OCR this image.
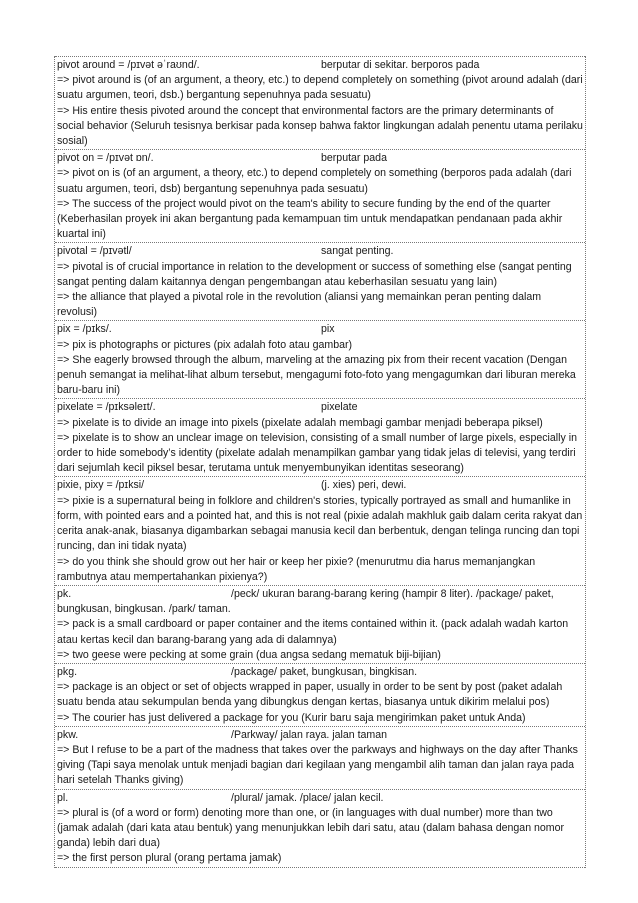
pivot around = /pɪvət əˈraʊnd/.	berputar di sekitar. berporos pada
=> pivot around is (of an argument, a theory, etc.) to depend completely on something (pivot around adalah (dari suatu argumen, teori, dsb.) bergantung sepenuhnya pada sesuatu)
=> His entire thesis pivoted around the concept that environmental factors are the primary determinants of social behavior (Seluruh tesisnya berkisar pada konsep bahwa faktor lingkungan adalah penentu utama perilaku sosial)
pivot on = /pɪvət ɒn/.	berputar pada
=> pivot on is (of an argument, a theory, etc.) to depend completely on something (berporos pada adalah (dari suatu argumen, teori, dsb) bergantung sepenuhnya pada sesuatu)
=> The success of the project would pivot on the team's ability to secure funding by the end of the quarter (Keberhasilan proyek ini akan bergantung pada kemampuan tim untuk mendapatkan pendanaan pada akhir kuartal ini)
pivotal = /pɪvətl/	sangat penting.
=> pivotal is of crucial importance in relation to the development or success of something else (sangat penting sangat penting dalam kaitannya dengan pengembangan atau keberhasilan sesuatu yang lain)
=> the alliance that played a pivotal role in the revolution (aliansi yang memainkan peran penting dalam revolusi)
pix = /pɪks/.	pix
=> pix is photographs or pictures (pix adalah foto atau gambar)
=> She eagerly browsed through the album, marveling at the amazing pix from their recent vacation (Dengan penuh semangat ia melihat-lihat album tersebut, mengagumi foto-foto yang mengagumkan dari liburan mereka baru-baru ini)
pixelate = /pɪksəleɪt/.	pixelate
=> pixelate is to divide an image into pixels (pixelate adalah membagi gambar menjadi beberapa piksel)
=> pixelate is to show an unclear image on television, consisting of a small number of large pixels, especially in order to hide somebody’s identity (pixelate adalah menampilkan gambar yang tidak jelas di televisi, yang terdiri dari sejumlah kecil piksel besar, terutama untuk menyembunyikan identitas seseorang)
pixie, pixy = /pɪksi/	(j. xies) peri, dewi.
=> pixie is a supernatural being in folklore and children's stories, typically portrayed as small and humanlike in form, with pointed ears and a pointed hat, and this is not real (pixie adalah makhluk gaib dalam cerita rakyat dan cerita anak-anak, biasanya digambarkan sebagai manusia kecil dan berbentuk, dengan telinga runcing dan topi runcing, dan ini tidak nyata)
=> do you think she should grow out her hair or keep her pixie? (menurutmu dia harus memanjangkan rambutnya atau mempertahankan pixienya?)
pk.	/peck/ ukuran barang-barang kering (hampir 8 liter). /package/ paket,
bungkusan, bingkusan. /park/ taman.
=> pack is a small cardboard or paper container and the items contained within it. (pack adalah wadah karton atau kertas kecil dan barang-barang yang ada di dalamnya)
=> two geese were pecking at some grain (dua angsa sedang mematuk biji-bijian)
pkg.	/package/ paket, bungkusan, bingkisan.
=> package is an object or set of objects wrapped in paper, usually in order to be sent by post (paket adalah suatu benda atau sekumpulan benda yang dibungkus dengan kertas, biasanya untuk dikirim melalui pos)
=> The courier has just delivered a package for you (Kurir baru saja mengirimkan paket untuk Anda)
pkw.	/Parkway/ jalan raya. jalan taman
=> But I refuse to be a part of the madness that takes over the parkways and highways on the day after Thanks giving (Tapi saya menolak untuk menjadi bagian dari kegilaan yang mengambil alih taman dan jalan raya pada hari setelah Thanks giving)
pl.	/plural/ jamak. /place/ jalan kecil.
=> plural is (of a word or form) denoting more than one, or (in languages with dual number) more than two (jamak adalah (dari kata atau bentuk) yang menunjukkan lebih dari satu, atau (dalam bahasa dengan nomor ganda) lebih dari dua)
=> the first person plural (orang pertama jamak)
